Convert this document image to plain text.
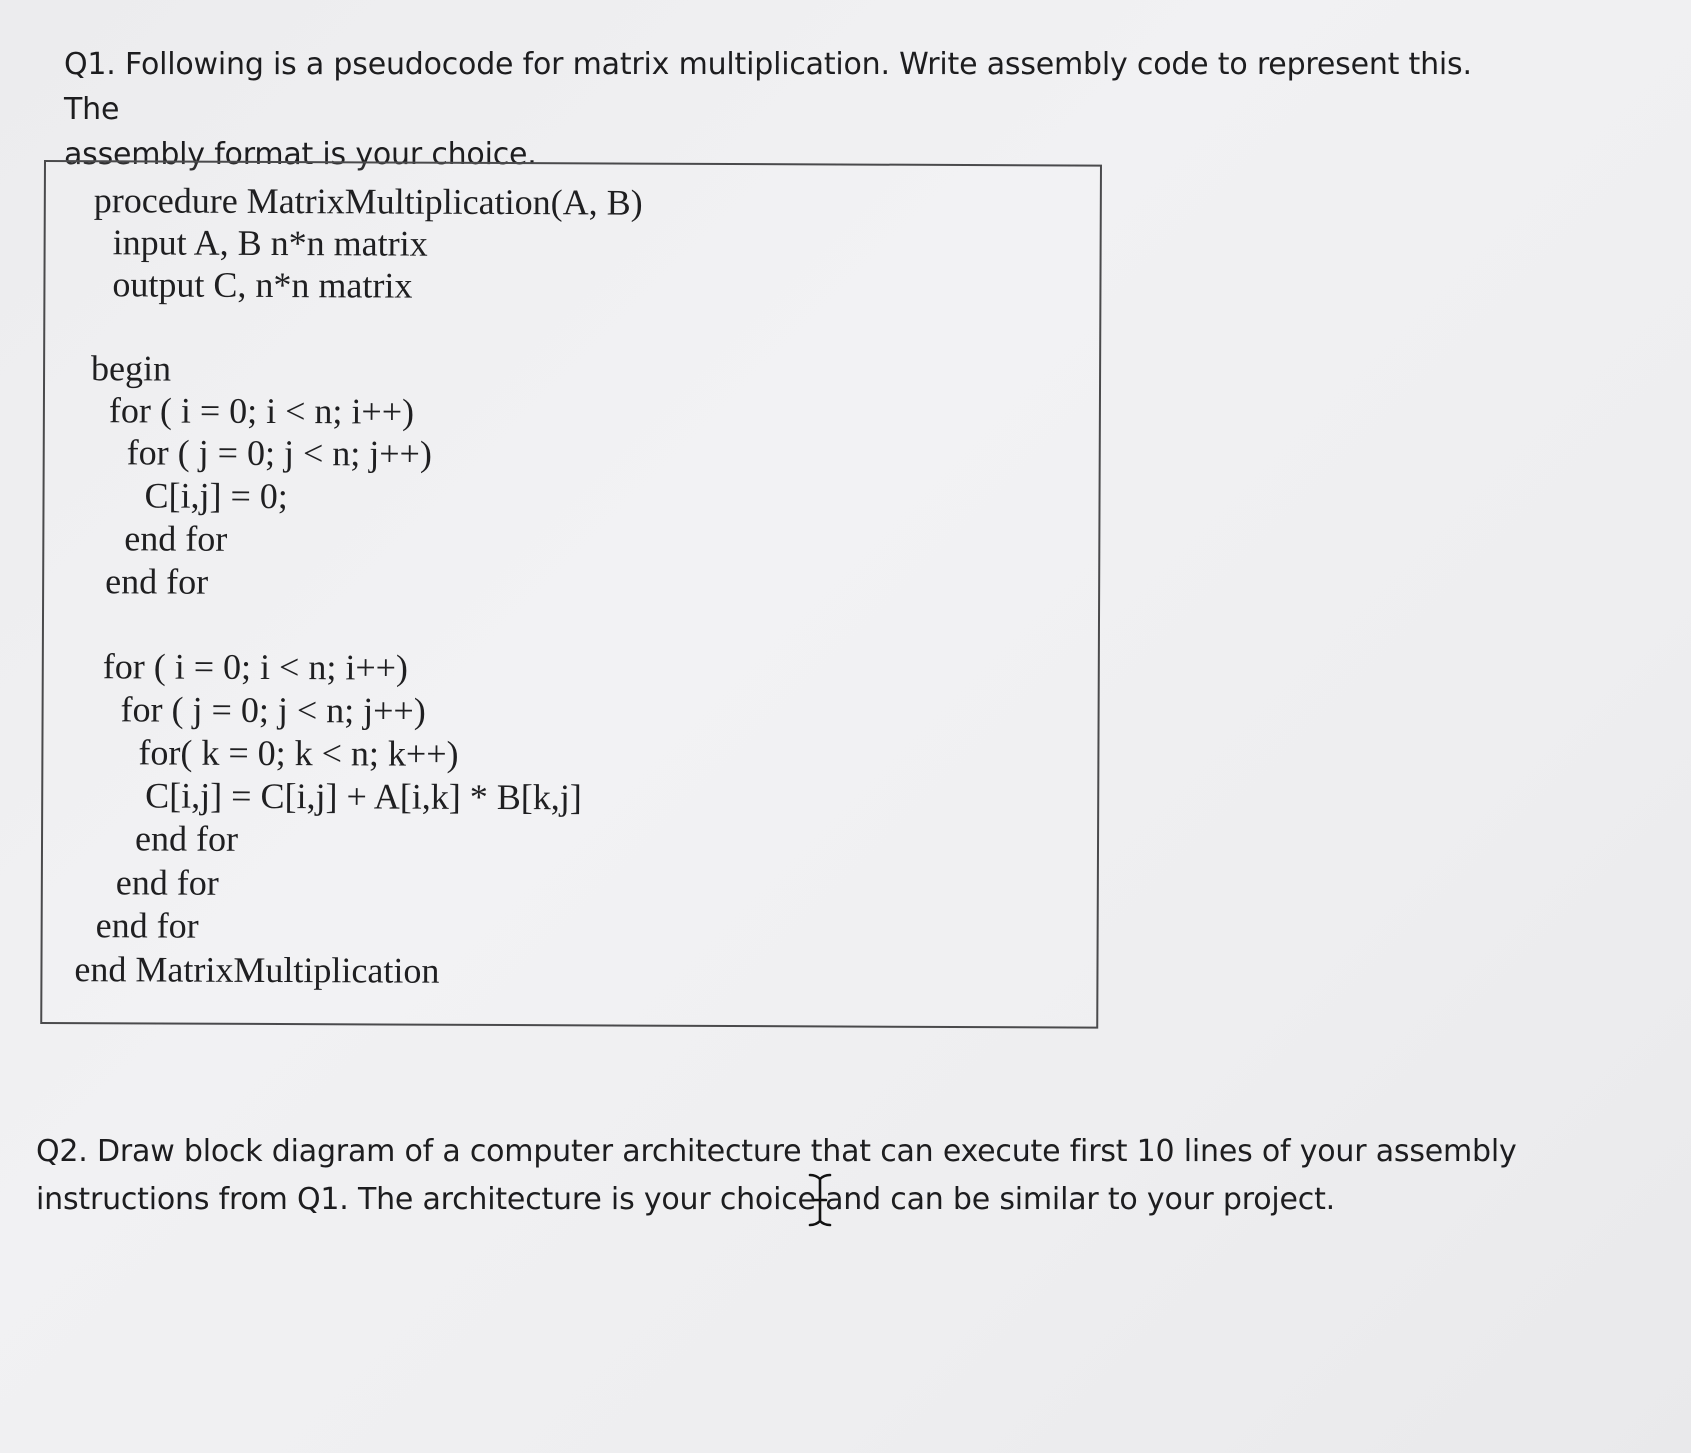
Q1. Following is a pseudocode for matrix multiplication. Write assembly code to represent this. The
assembly format is your choice.
procedure MatrixMultiplication(A, B)
input A, B n*n matrix
output C, n*n matrix
begin
for ( i = 0; i < n; i++)
for ( j = 0; j < n; j++)
C[i,j] = 0;
end for
end for
for ( i = 0; i < n; i++)
for ( j = 0; j < n; j++)
for( k = 0; k < n; k++)
C[i,j] = C[i,j] + A[i,k] * B[k,j]
end for
end for
end for
end MatrixMultiplication
Q2. Draw block diagram of a computer architecture that can execute first 10 lines of your assembly
instructions from Q1. The architecture is your choice and can be similar to your project.
